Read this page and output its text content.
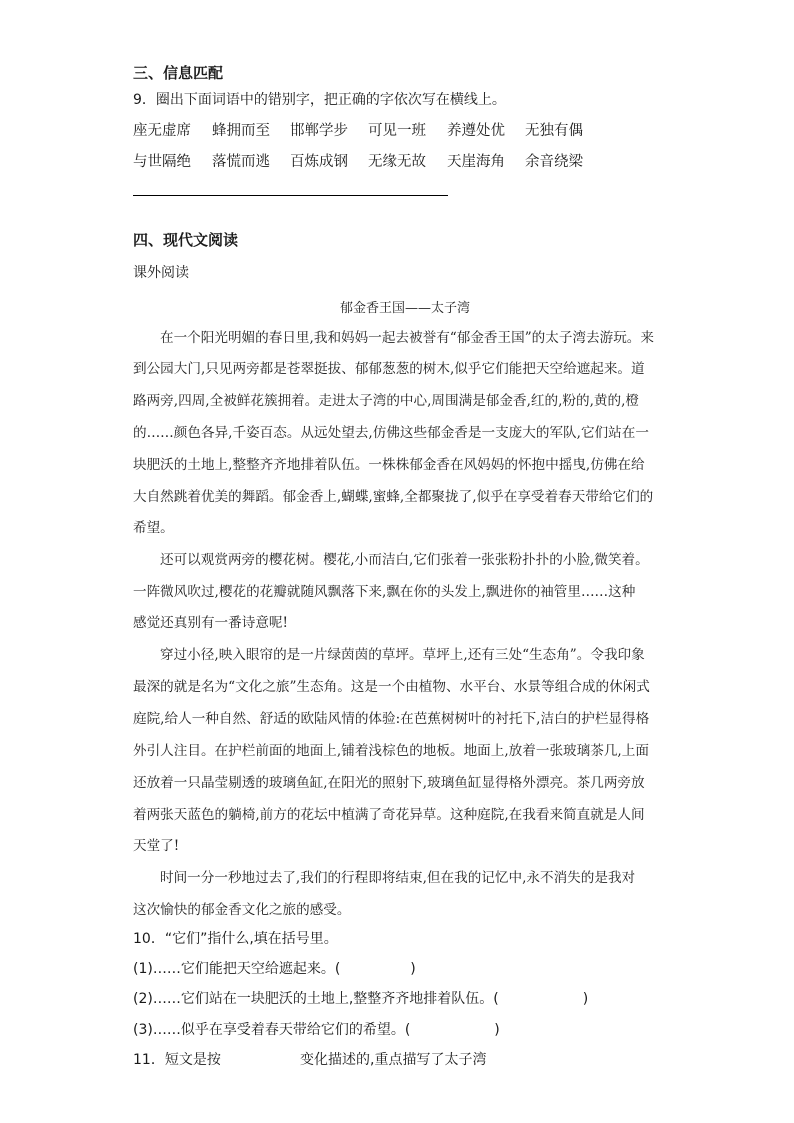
三、信息匹配
9．圈出下面词语中的错别字，把正确的字依次写在横线上。
座无虚席 蜂拥而至 邯郸学步 可见一班 养遵处优 无独有偶
与世隔绝 落慌而逃 百炼成钢 无缘无故 天崖海角 余音绕梁
四、现代文阅读
课外阅读
郁金香王国——太子湾
在一个阳光明媚的春日里,我和妈妈一起去被誉有“郁金香王国”的太子湾去游玩。来
到公园大门,只见两旁都是苍翠挺拔、郁郁葱葱的树木,似乎它们能把天空给遮起来。道
路两旁,四周,全被鲜花簇拥着。走进太子湾的中心,周围满是郁金香,红的,粉的,黄的,橙
的……颜色各异,千姿百态。从远处望去,仿佛这些郁金香是一支庞大的军队,它们站在一
块肥沃的土地上,整整齐齐地排着队伍。一株株郁金香在风妈妈的怀抱中摇曳,仿佛在给
大自然跳着优美的舞蹈。郁金香上,蝴蝶,蜜蜂,全都聚拢了,似乎在享受着春天带给它们的
希望。
还可以观赏两旁的樱花树。樱花,小而洁白,它们张着一张张粉扑扑的小脸,微笑着。
一阵微风吹过,樱花的花瓣就随风飘落下来,飘在你的头发上,飘进你的袖管里……这种
感觉还真别有一番诗意呢!
穿过小径,映入眼帘的是一片绿茵茵的草坪。草坪上,还有三处“生态角”。令我印象
最深的就是名为“文化之旅”生态角。这是一个由植物、水平台、水景等组合成的休闲式
庭院,给人一种自然、舒适的欧陆风情的体验:在芭蕉树树叶的衬托下,洁白的护栏显得格
外引人注目。在护栏前面的地面上,铺着浅棕色的地板。地面上,放着一张玻璃茶几,上面
还放着一只晶莹剔透的玻璃鱼缸,在阳光的照射下,玻璃鱼缸显得格外漂亮。茶几两旁放
着两张天蓝色的躺椅,前方的花坛中植满了奇花异草。这种庭院,在我看来简直就是人间
天堂了!
时间一分一秒地过去了,我们的行程即将结束,但在我的记忆中,永不消失的是我对
这次愉快的郁金香文化之旅的感受。
10．“它们”指什么,填在括号里。
(1)……它们能把天空给遮起来。(　　　　　)
(2)……它们站在一块肥沃的土地上,整整齐齐地排着队伍。(　　　　　　)
(3)……似乎在享受着春天带给它们的希望。(　　　　　　)
11．短文是按	变化描述的,重点描写了太子湾
